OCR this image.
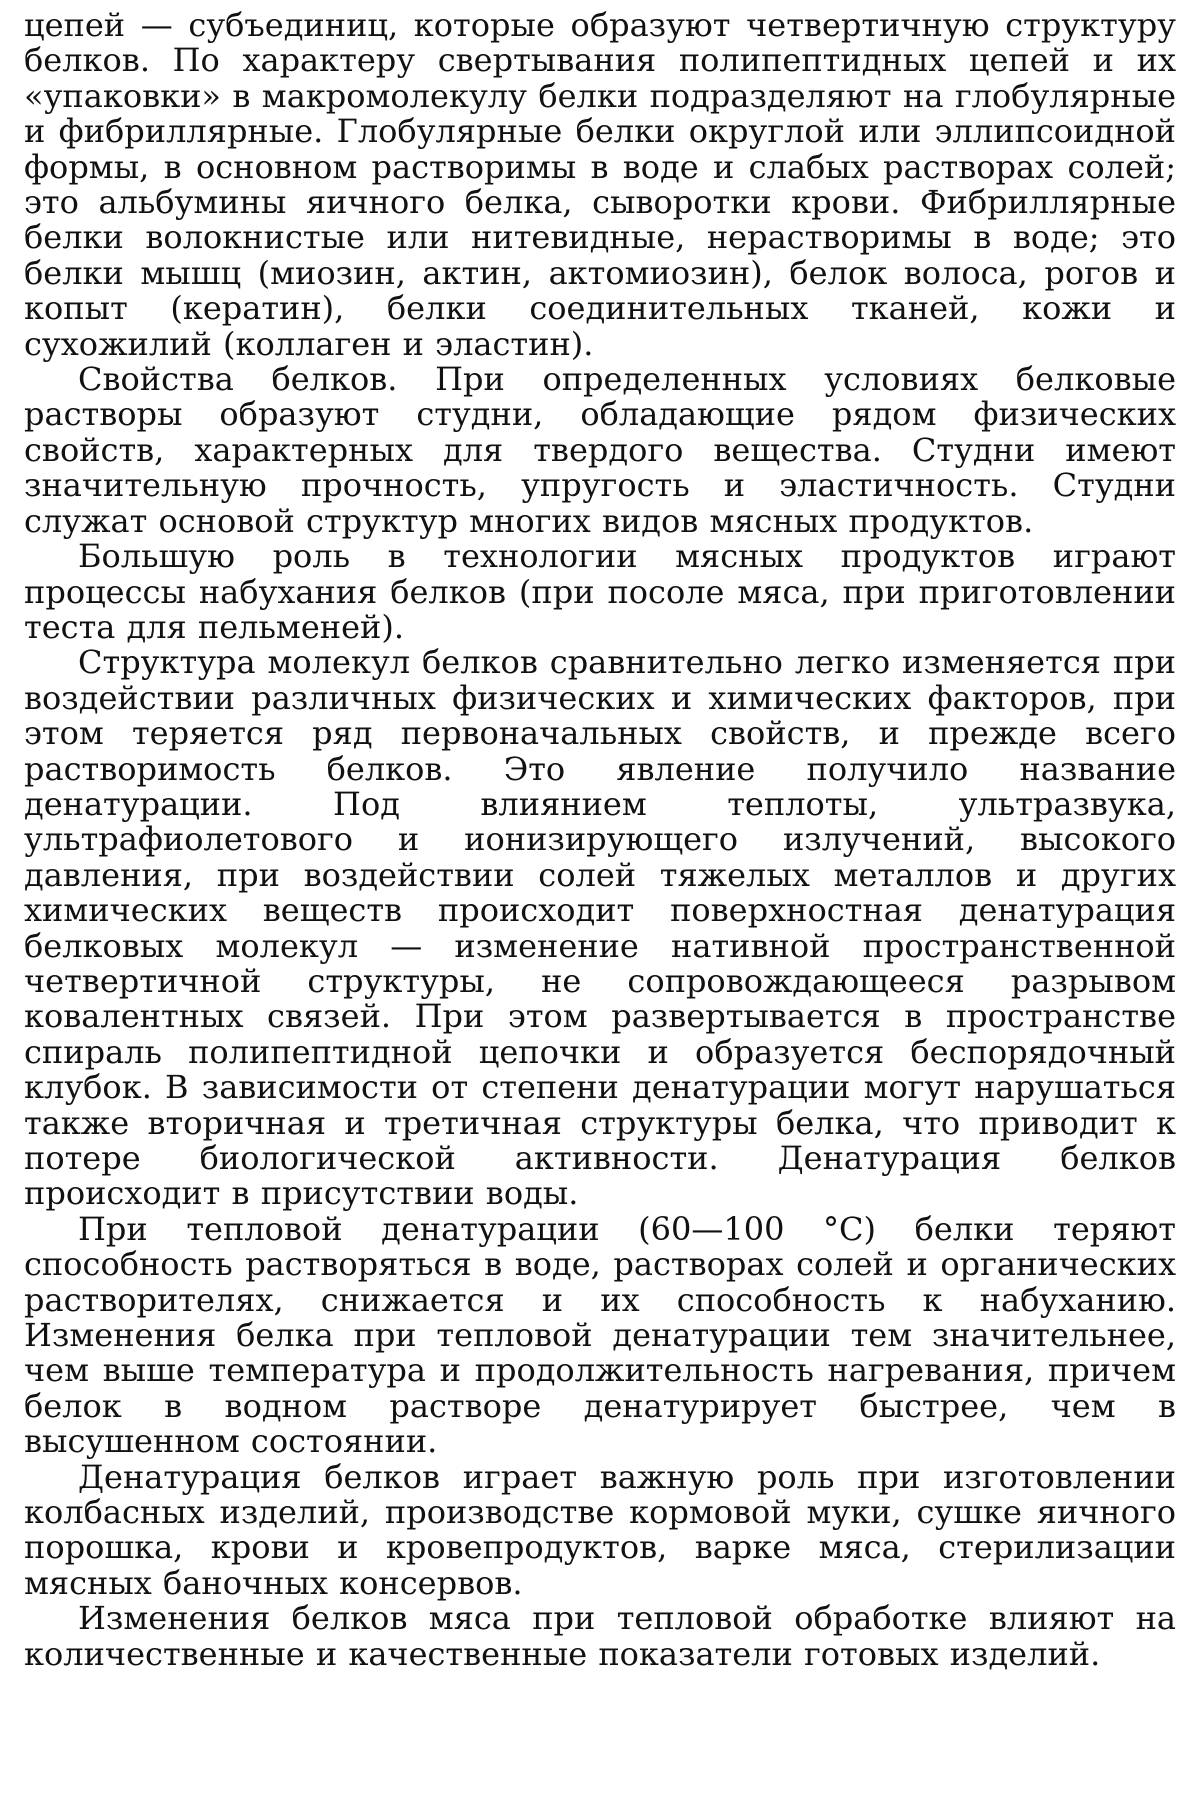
цепей — субъединиц, которые образуют четвертичную структуру белков. По характеру свертывания полипептидных цепей и их «упаковки» в макромолекулу белки подразделяют на глобулярные и фибриллярные. Глобулярные белки округлой или эллипсоидной формы, в основном растворимы в воде и слабых растворах солей; это альбумины яичного белка, сыворотки крови. Фибриллярные белки волокнистые или нитевидные, нерастворимы в воде; это белки мышц (миозин, актин, актомиозин), белок волоса, рогов и копыт (кератин), белки соединительных тканей, кожи и сухожилий (коллаген и эластин).

Свойства белков. При определенных условиях белковые растворы образуют студни, обладающие рядом физических свойств, характерных для твердого вещества. Студни имеют значительную прочность, упругость и эластичность. Студни служат основой структур многих видов мясных продуктов.

Большую роль в технологии мясных продуктов играют процессы набухания белков (при посоле мяса, при приготовлении теста для пельменей).

Структура молекул белков сравнительно легко изменяется при воздействии различных физических и химических факторов, при этом теряется ряд первоначальных свойств, и прежде всего растворимость белков. Это явление получило название денатурации. Под влиянием теплоты, ультразвука, ультрафиолетового и ионизирующего излучений, высокого давления, при воздействии солей тяжелых металлов и других химических веществ происходит поверхностная денатурация белковых молекул — изменение нативной пространственной четвертичной структуры, не сопровождающееся разрывом ковалентных связей. При этом развертывается в пространстве спираль полипептидной цепочки и образуется беспорядочный клубок. В зависимости от степени денатурации могут нарушаться также вторичная и третичная структуры белка, что приводит к потере биологической активности. Денатурация белков происходит в присутствии воды.

При тепловой денатурации (60—100 °С) белки теряют способность растворяться в воде, растворах солей и органических растворителях, снижается и их способность к набуханию. Изменения белка при тепловой денатурации тем значительнее, чем выше температура и продолжительность нагревания, причем белок в водном растворе денатурирует быстрее, чем в высушенном состоянии.

Денатурация белков играет важную роль при изготовлении колбасных изделий, производстве кормовой муки, сушке яичного порошка, крови и кровепродуктов, варке мяса, стерилизации мясных баночных консервов.

Изменения белков мяса при тепловой обработке влияют на количественные и качественные показатели готовых изделий.
